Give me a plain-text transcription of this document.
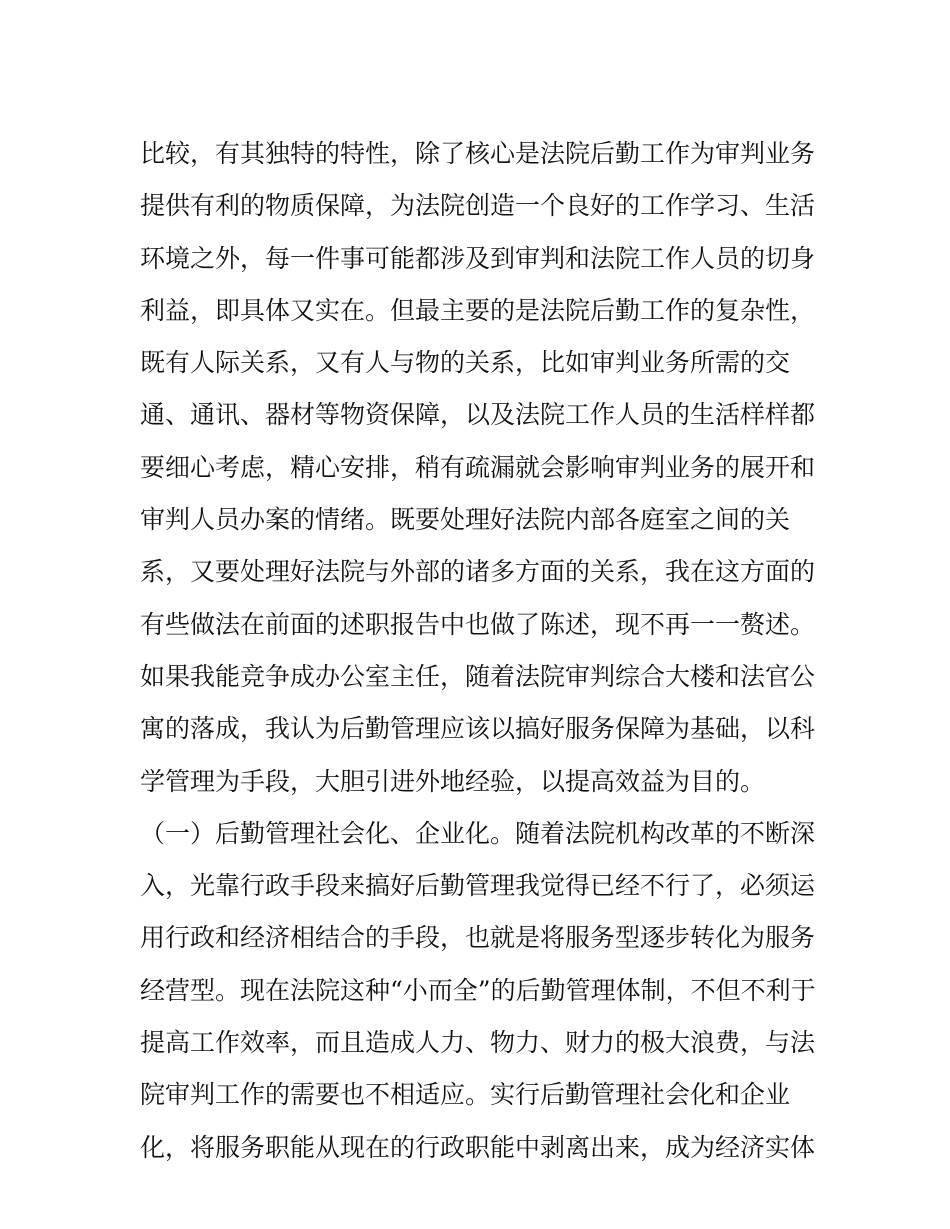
比较，有其独特的特性，除了核心是法院后勤工作为审判业务
提供有利的物质保障，为法院创造一个良好的工作学习、生活
环境之外，每一件事可能都涉及到审判和法院工作人员的切身
利益，即具体又实在。但最主要的是法院后勤工作的复杂性，
既有人际关系，又有人与物的关系，比如审判业务所需的交
通、通讯、器材等物资保障，以及法院工作人员的生活样样都
要细心考虑，精心安排，稍有疏漏就会影响审判业务的展开和
审判人员办案的情绪。既要处理好法院内部各庭室之间的关
系，又要处理好法院与外部的诸多方面的关系，我在这方面的
有些做法在前面的述职报告中也做了陈述，现不再一一赘述。
如果我能竞争成办公室主任，随着法院审判综合大楼和法官公
寓的落成，我认为后勤管理应该以搞好服务保障为基础，以科
学管理为手段，大胆引进外地经验，以提高效益为目的。
（一）后勤管理社会化、企业化。随着法院机构改革的不断深
入，光靠行政手段来搞好后勤管理我觉得已经不行了，必须运
用行政和经济相结合的手段，也就是将服务型逐步转化为服务
经营型。现在法院这种“小而全”的后勤管理体制，不但不利于
提高工作效率，而且造成人力、物力、财力的极大浪费，与法
院审判工作的需要也不相适应。实行后勤管理社会化和企业
化，将服务职能从现在的行政职能中剥离出来，成为经济实体
